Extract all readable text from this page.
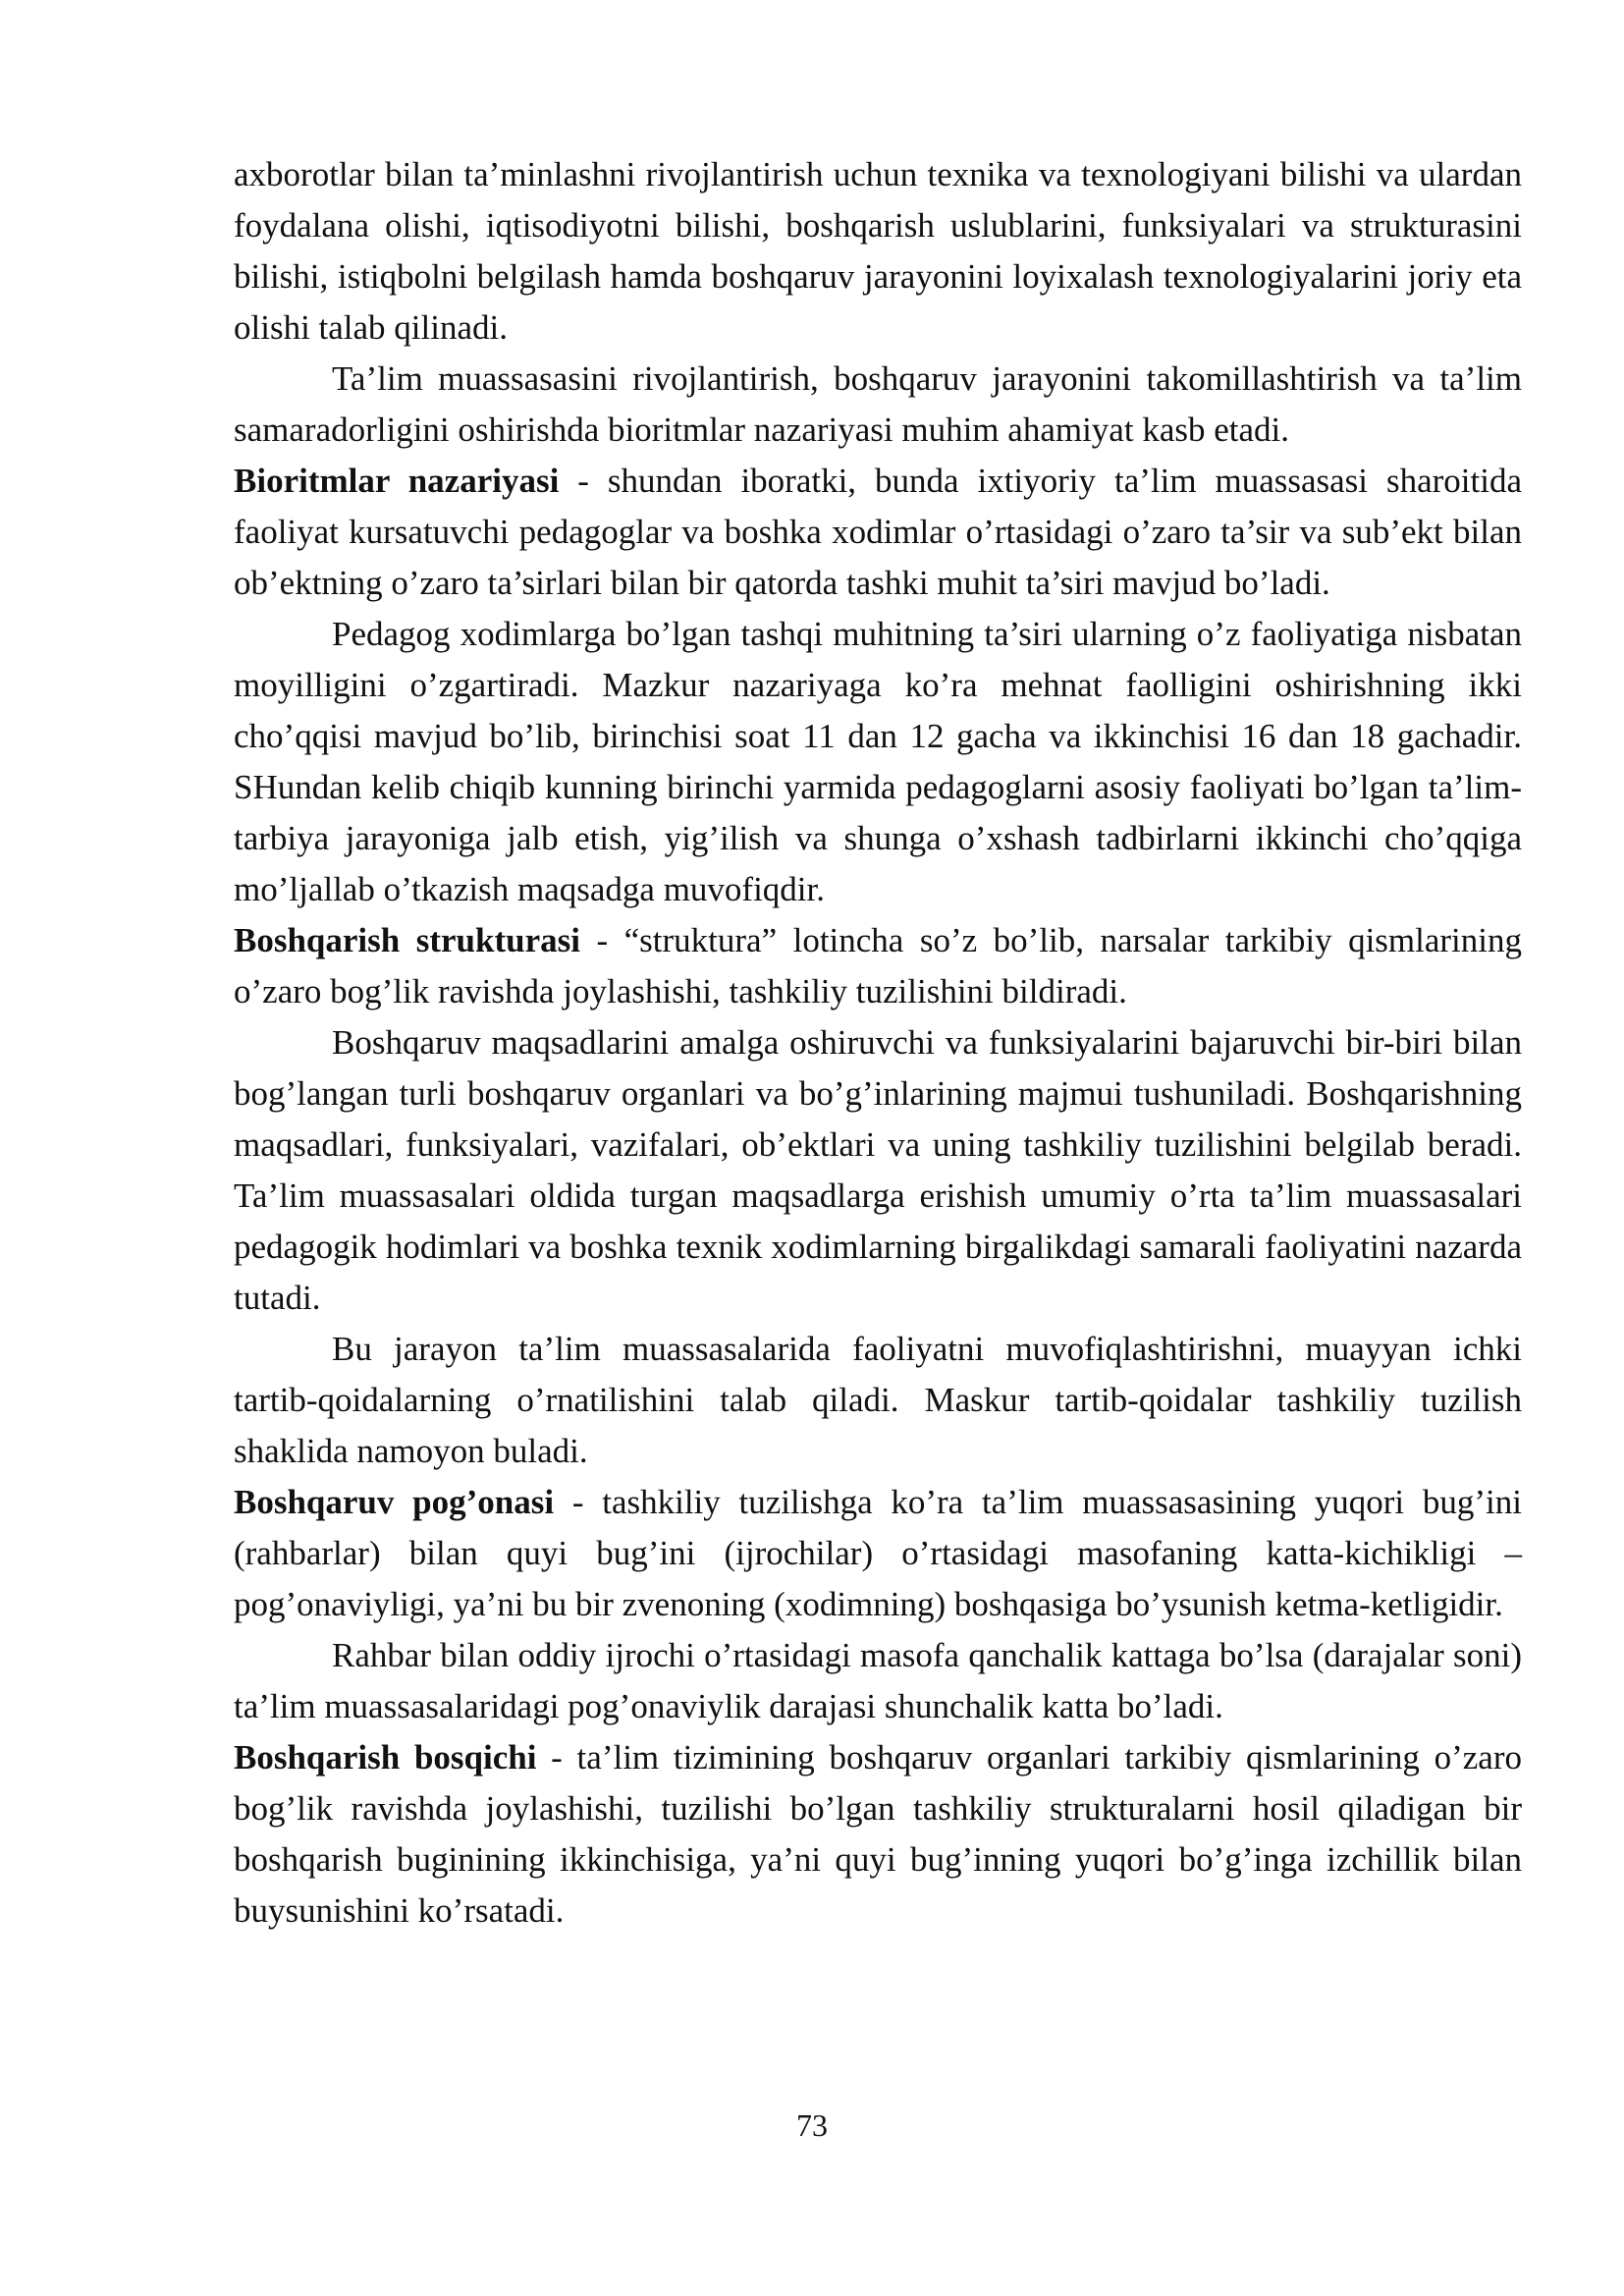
axborotlar bilan ta’minlashni rivojlantirish uchun texnika va texnologiyani bilishi va ulardan foydalana olishi, iqtisodiyotni bilishi, boshqarish uslublarini, funksiyalari va strukturasini bilishi, istiqbolni belgilash hamda boshqaruv jarayonini loyixalash texnologiyalarini joriy eta olishi talab qilinadi.

Ta’lim muassasasini rivojlantirish, boshqaruv jarayonini takomillashtirish va ta’lim samaradorligini oshirishda bioritmlar nazariyasi muhim ahamiyat kasb etadi.

Bioritmlar nazariyasi - shundan iboratki, bunda ixtiyoriy ta’lim muassasasi sharoitida faoliyat kursatuvchi pedagoglar va boshka xodimlar o’rtasidagi o’zaro ta’sir va sub’ekt bilan ob’ektning o’zaro ta’sirlari bilan bir qatorda tashki muhit ta’siri mavjud bo’ladi.

Pedagog xodimlarga bo’lgan tashqi muhitning ta’siri ularning o’z faoliyatiga nisbatan moyilligini o’zgartiradi. Mazkur nazariyaga ko’ra mehnat faolligini oshirishning ikki cho’qqisi mavjud bo’lib, birinchisi soat 11 dan 12 gacha va ikkinchisi 16 dan 18 gachadir. SHundan kelib chiqib kunning birinchi yarmida pedagoglarni asosiy faoliyati bo’lgan ta’lim-tarbiya jarayoniga jalb etish, yig’ilish va shunga o’xshash tadbirlarni ikkinchi cho’qqiga mo’ljallab o’tkazish maqsadga muvofiqdir.

Boshqarish strukturasi - “struktura” lotincha so’z bo’lib, narsalar tarkibiy qismlarining o’zaro bog’lik ravishda joylashishi, tashkiliy tuzilishini bildiradi.

Boshqaruv maqsadlarini amalga oshiruvchi va funksiyalarini bajaruvchi bir-biri bilan bog’langan turli boshqaruv organlari va bo’g’inlarining majmui tushuniladi. Boshqarishning maqsadlari, funksiyalari, vazifalari, ob’ektlari va uning tashkiliy tuzilishini belgilab beradi. Ta’lim muassasalari oldida turgan maqsadlarga erishish umumiy o’rta ta’lim muassasalari pedagogik hodimlari va boshka texnik xodimlarning birgalikdagi samarali faoliyatini nazarda tutadi.

Bu jarayon ta’lim muassasalarida faoliyatni muvofiqlashtirishni, muayyan ichki tartib-qoidalarning o’rnatilishini talab qiladi. Maskur tartib-qoidalar tashkiliy tuzilish shaklida namoyon buladi.

Boshqaruv pog’onasi - tashkiliy tuzilishga ko’ra ta’lim muassasasining yuqori bug’ini (rahbarlar) bilan quyi bug’ini (ijrochilar) o’rtasidagi masofaning katta-kichikligi – pog’onaviyligi, ya’ni bu bir zvenoning (xodimning) boshqasiga bo’ysunish ketma-ketligidir.

Rahbar bilan oddiy ijrochi o’rtasidagi masofa qanchalik kattaga bo’lsa (darajalar soni) ta’lim muassasalaridagi pog’onaviylik darajasi shunchalik katta bo’ladi.

Boshqarish bosqichi - ta’lim tizimining boshqaruv organlari tarkibiy qismlarining o’zaro bog’lik ravishda joylashishi, tuzilishi bo’lgan tashkiliy strukturalarni hosil qiladigan bir boshqarish buginining ikkinchisiga, ya’ni quyi bug’inning yuqori bo’g’inga izchillik bilan buysunishini ko’rsatadi.

73
